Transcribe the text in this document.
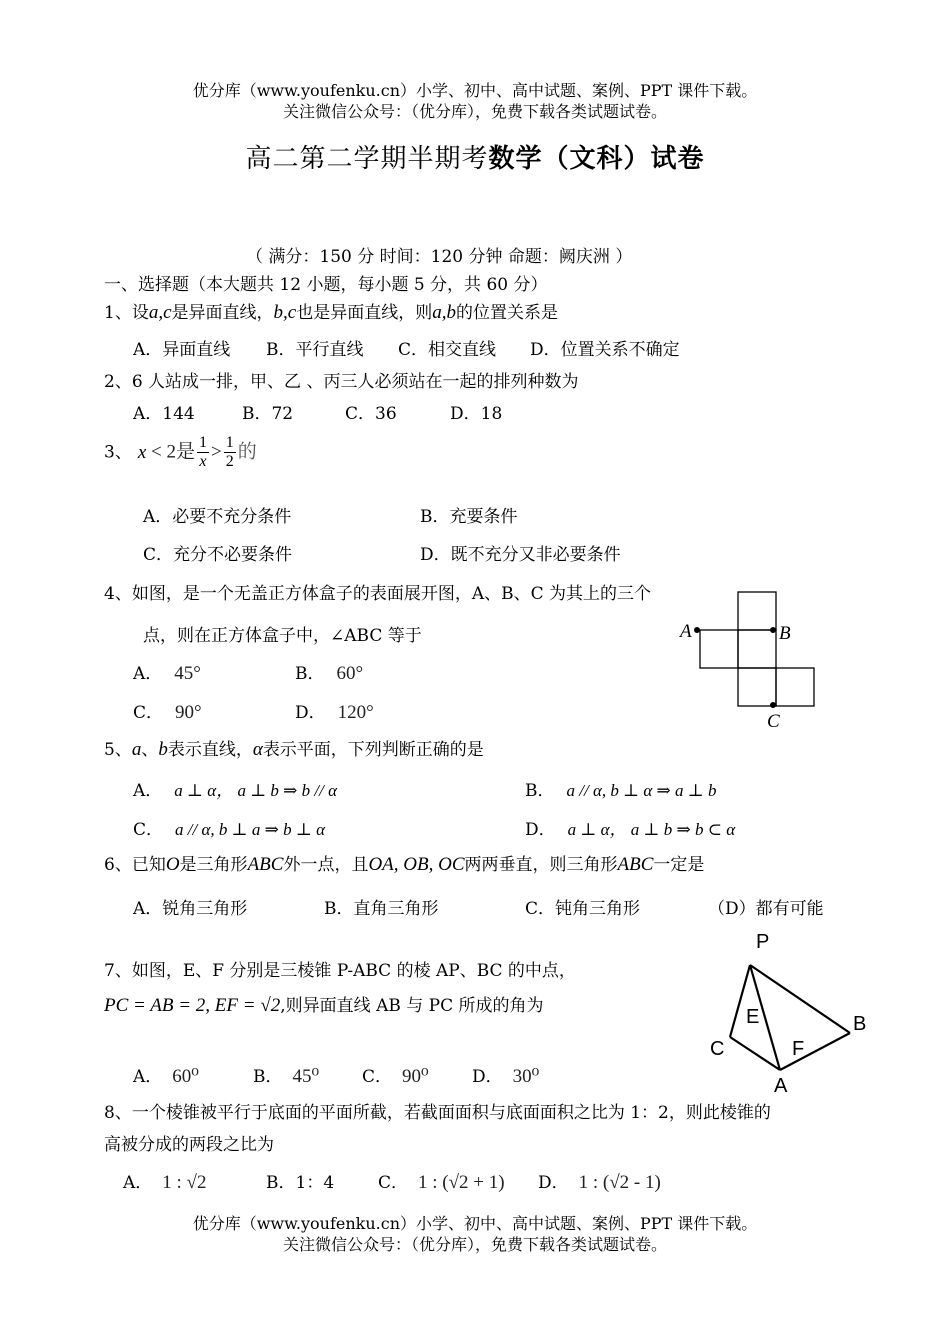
优分库（www.youfenku.cn）小学、初中、高中试题、案例、PPT 课件下载。
关注微信公众号：（优分库），免费下载各类试题试卷。
高二第二学期半期考数学（文科）试卷
（ 满分：150 分 时间：120 分钟 命题：阙庆洲 ）
一、选择题（本大题共 12 小题，每小题 5 分，共 60 分）
1、设a,c是异面直线，b,c也是异面直线，则a,b的位置关系是
A．异面直线 B．平行直线 C．相交直线 D．位置关系不确定
2、6 人站成一排，甲、乙 、丙三人必须站在一起的排列种数为
A．144	B．72	C．36	D．18
3、 x < 2是 $\frac{1}{x} > \frac{1}{2}$ 的
A．必要不充分条件	B．充要条件
C．充分不必要条件	D．既不充分又非必要条件
4、如图，是一个无盖正方体盒子的表面展开图，A、B、C 为其上的三个
点，则在正方体盒子中，∠ABC 等于
A． 45°	B． 60°
C． 90°	D． 120°
A	B
C
5、a、b表示直线，α表示平面，下列判断正确的是
A． a ⊥ α， a ⊥ b ⇒ b // α	B． a // α, b ⊥ α ⇒ a ⊥ b
C． a // α, b ⊥ a ⇒ b ⊥ α	D． a ⊥ α， a ⊥ b ⇒ b ⊂ α
6、已知O是三角形ABC外一点，且OA, OB, OC两两垂直，则三角形ABC一定是
A．锐角三角形	B．直角三角形	C．钝角三角形	（D）都有可能
7、如图，E、F 分别是三棱锥 P-ABC 的棱 AP、BC 的中点，
PC = AB = 2, EF = √2,则异面直线 AB 与 PC 所成的角为
A． 60⁰	B． 45⁰	C． 90⁰	D． 30⁰
P
E	B
C	F
A
8、一个棱锥被平行于底面的平面所截，若截面面积与底面面积之比为 1：2，则此棱锥的
高被分成的两段之比为
A． 1 : √2	B．1：4	C． 1 : (√2 + 1) D． 1 : (√2 - 1)
优分库（www.youfenku.cn）小学、初中、高中试题、案例、PPT 课件下载。
关注微信公众号：（优分库），免费下载各类试题试卷。
